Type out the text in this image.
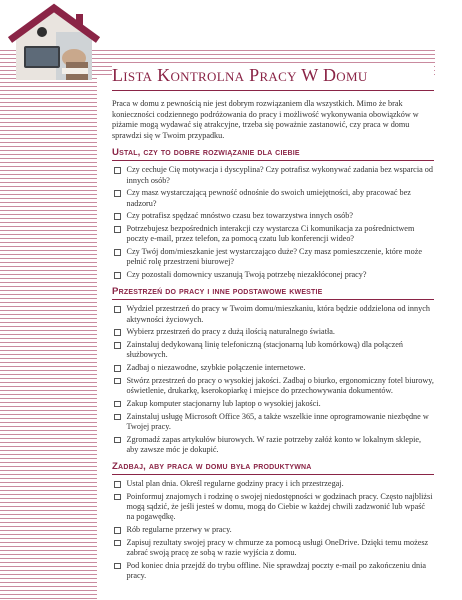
Lista Kontrolna Pracy W Domu

Praca w domu z pewnością nie jest dobrym rozwiązaniem dla wszystkich. Mimo że brak konieczności codziennego podróżowania do pracy i możliwość wykonywania obowiązków w piżamie mogą wydawać się atrakcyjne, trzeba się poważnie zastanowić, czy praca w domu sprawdzi się w Twoim przypadku.

Ustal, czy to dobre rozwiązanie dla ciebie
Czy cechuje Cię motywacja i dyscyplina? Czy potrafisz wykonywać zadania bez wsparcia od innych osób?
Czy masz wystarczającą pewność odnośnie do swoich umiejętności, aby pracować bez nadzoru?
Czy potrafisz spędzać mnóstwo czasu bez towarzystwa innych osób?
Potrzebujesz bezpośrednich interakcji czy wystarcza Ci komunikacja za pośrednictwem poczty e-mail, przez telefon, za pomocą czatu lub konferencji wideo?
Czy Twój dom/mieszkanie jest wystarczająco duże? Czy masz pomieszczenie, które może pełnić rolę przestrzeni biurowej?
Czy pozostali domownicy uszanują Twoją potrzebę niezakłóconej pracy?
Przestrzeń do pracy i inne podstawowe kwestie
Wydziel przestrzeń do pracy w Twoim domu/mieszkaniu, która będzie oddzielona od innych aktywności życiowych.
Wybierz przestrzeń do pracy z dużą ilością naturalnego światła.
Zainstaluj dedykowaną linię telefoniczną (stacjonarną lub komórkową) dla połączeń służbowych.
Zadbaj o niezawodne, szybkie połączenie internetowe.
Stwórz przestrzeń do pracy o wysokiej jakości. Zadbaj o biurko, ergonomiczny fotel biurowy, oświetlenie, drukarkę, kserokopiarkę i miejsce do przechowywania dokumentów.
Zakup komputer stacjonarny lub laptop o wysokiej jakości.
Zainstaluj usługę Microsoft Office 365, a także wszelkie inne oprogramowanie niezbędne w Twojej pracy.
Zgromadź zapas artykułów biurowych. W razie potrzeby załóż konto w lokalnym sklepie, aby zawsze móc je dokupić.
Zadbaj, aby praca w domu była produktywna
Ustal plan dnia. Określ regularne godziny pracy i ich przestrzegaj.
Poinformuj znajomych i rodzinę o swojej niedostępności w godzinach pracy. Często najbliżsi mogą sądzić, że jeśli jesteś w domu, mogą do Ciebie w każdej chwili zadzwonić lub wpaść na pogawędkę.
Rób regularne przerwy w pracy.
Zapisuj rezultaty swojej pracy w chmurze za pomocą usługi OneDrive. Dzięki temu możesz zabrać swoją pracę ze sobą w razie wyjścia z domu.
Pod koniec dnia przejdź do trybu offline. Nie sprawdzaj poczty e-mail po zakończeniu dnia pracy.
